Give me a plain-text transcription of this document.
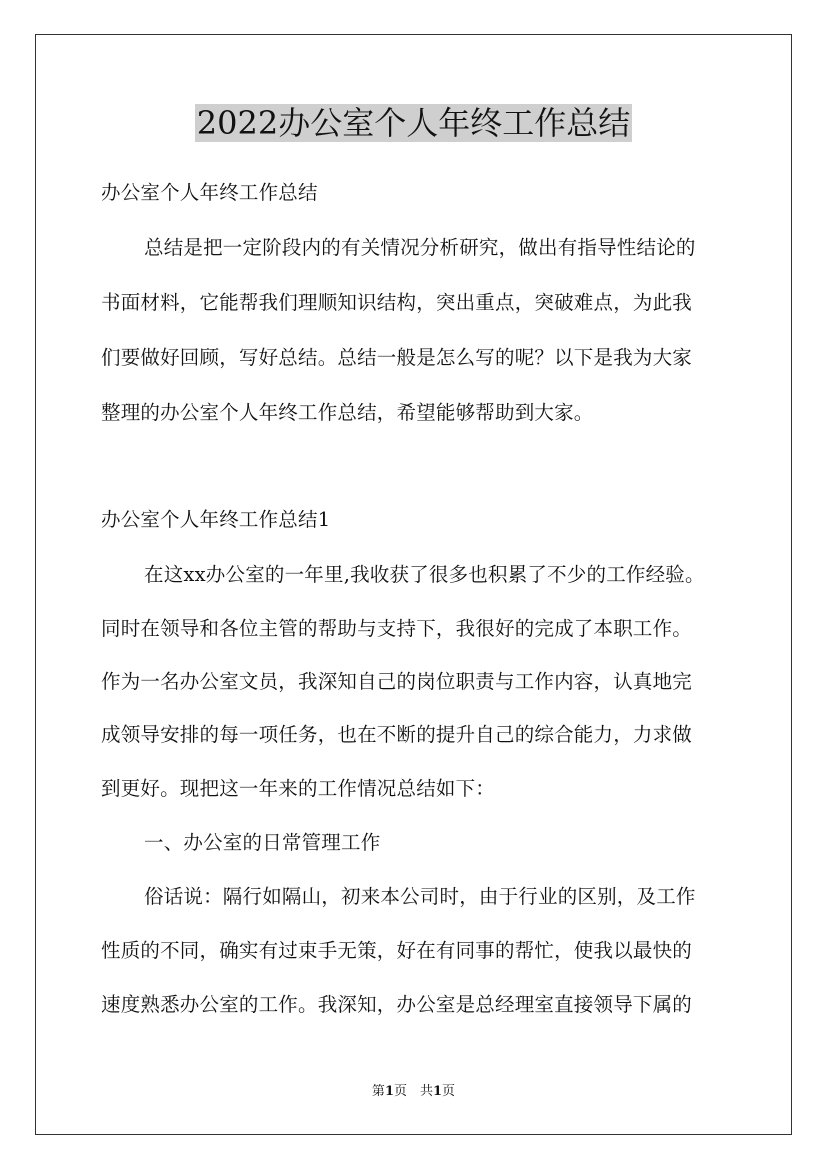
2022办公室个人年终工作总结
办公室个人年终工作总结
总结是把一定阶段内的有关情况分析研究，做出有指导性结论的
书面材料，它能帮我们理顺知识结构，突出重点，突破难点，为此我
们要做好回顾，写好总结。总结一般是怎么写的呢？以下是我为大家
整理的办公室个人年终工作总结，希望能够帮助到大家。
办公室个人年终工作总结1
在这xx办公室的一年里,我收获了很多也积累了不少的工作经验。
同时在领导和各位主管的帮助与支持下，我很好的完成了本职工作。
作为一名办公室文员，我深知自己的岗位职责与工作内容，认真地完
成领导安排的每一项任务，也在不断的提升自己的综合能力，力求做
到更好。现把这一年来的工作情况总结如下：
一、办公室的日常管理工作
俗话说：隔行如隔山，初来本公司时，由于行业的区别，及工作
性质的不同，确实有过束手无策，好在有同事的帮忙，使我以最快的
速度熟悉办公室的工作。我深知，办公室是总经理室直接领导下属的
第1页　共1页
